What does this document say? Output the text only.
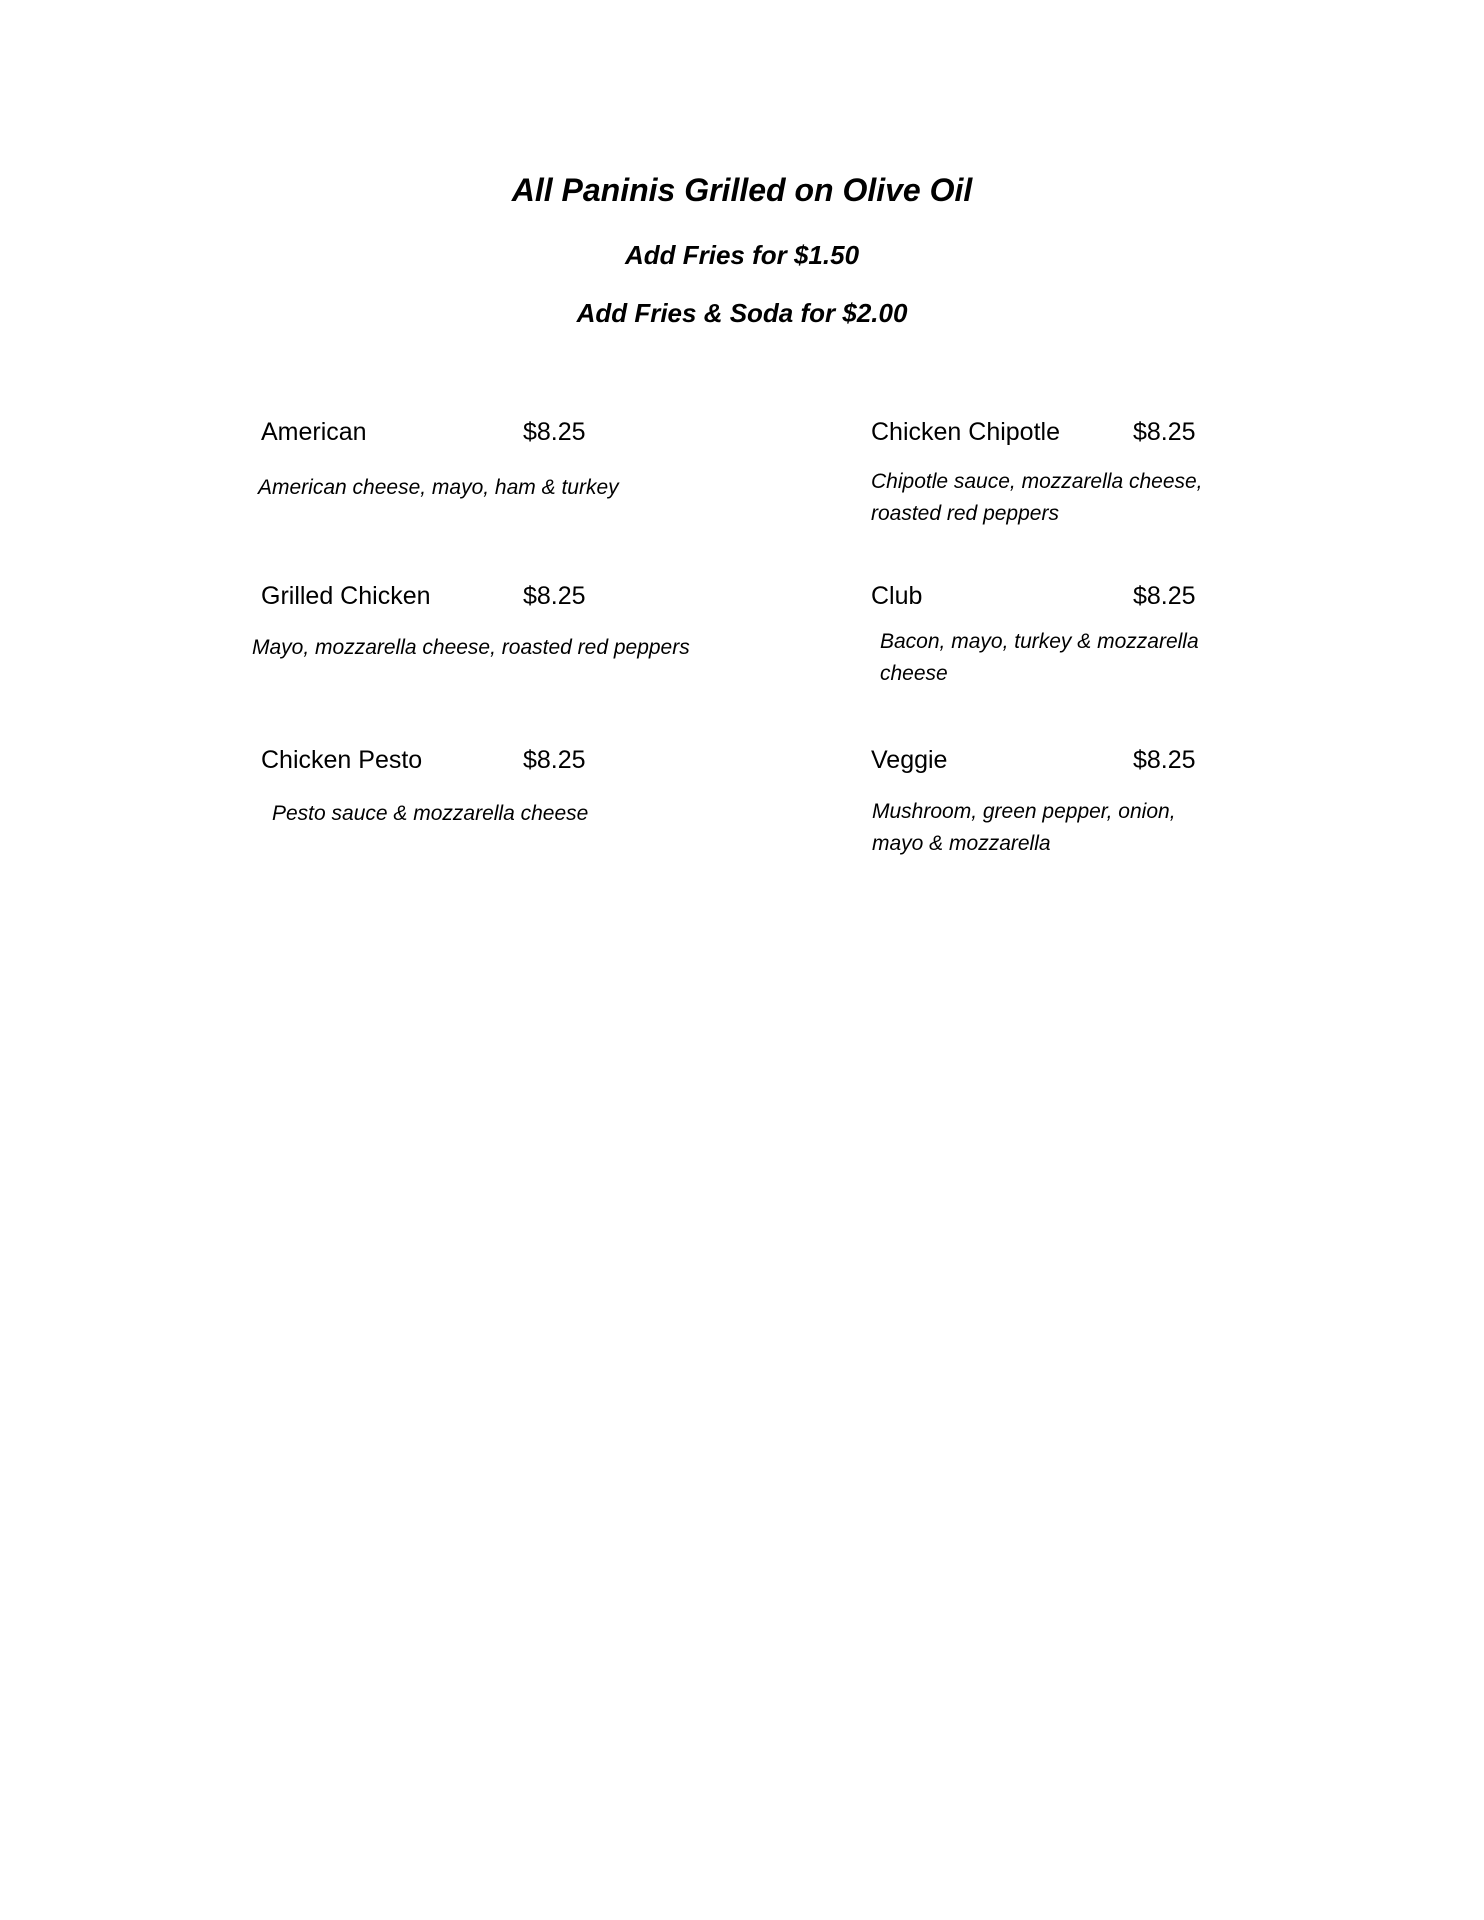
All Paninis Grilled on Olive Oil
Add Fries for $1.50
Add Fries & Soda for $2.00
American	$8.25
American cheese, mayo, ham & turkey
Grilled Chicken	$8.25
Mayo, mozzarella cheese, roasted red peppers
Chicken Pesto	$8.25
Pesto sauce & mozzarella cheese
Chicken Chipotle	$8.25
Chipotle sauce, mozzarella cheese, roasted red peppers
Club	$8.25
Bacon, mayo, turkey & mozzarella cheese
Veggie	$8.25
Mushroom, green pepper, onion, mayo & mozzarella
